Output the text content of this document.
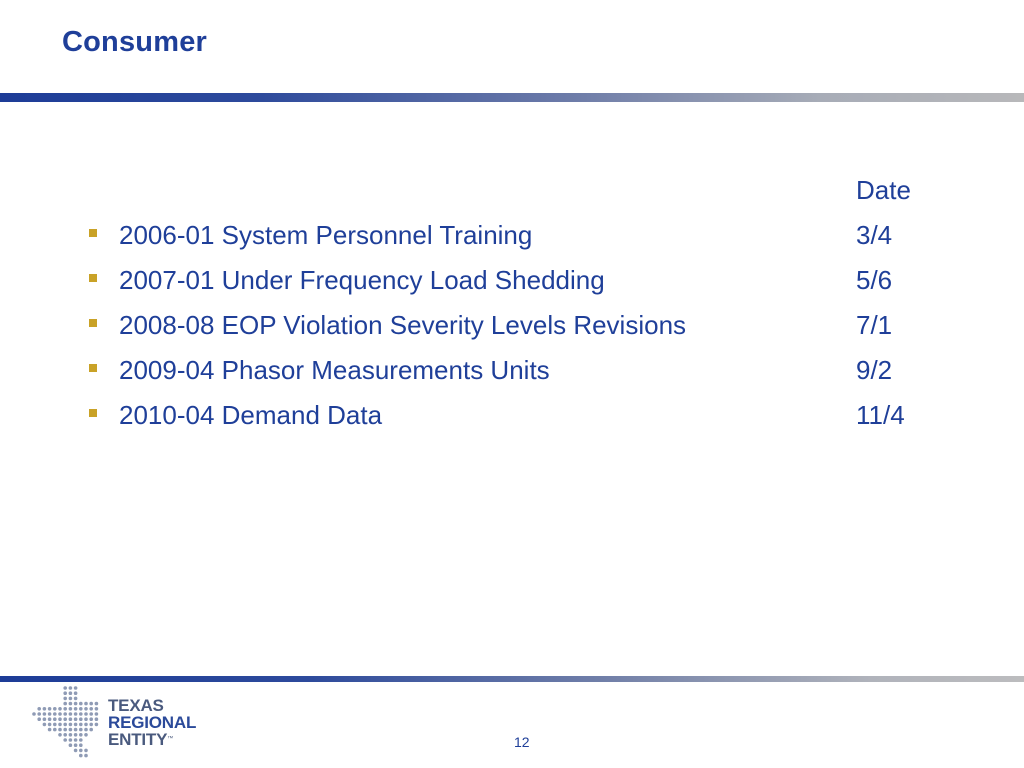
Consumer
Date
2006-01 System Personnel Training	3/4
2007-01 Under Frequency Load Shedding	5/6
2008-08 EOP Violation Severity Levels Revisions	7/1
2009-04 Phasor Measurements Units	9/2
2010-04 Demand Data	11/4
TEXAS
REGIONAL
ENTITY™	12
